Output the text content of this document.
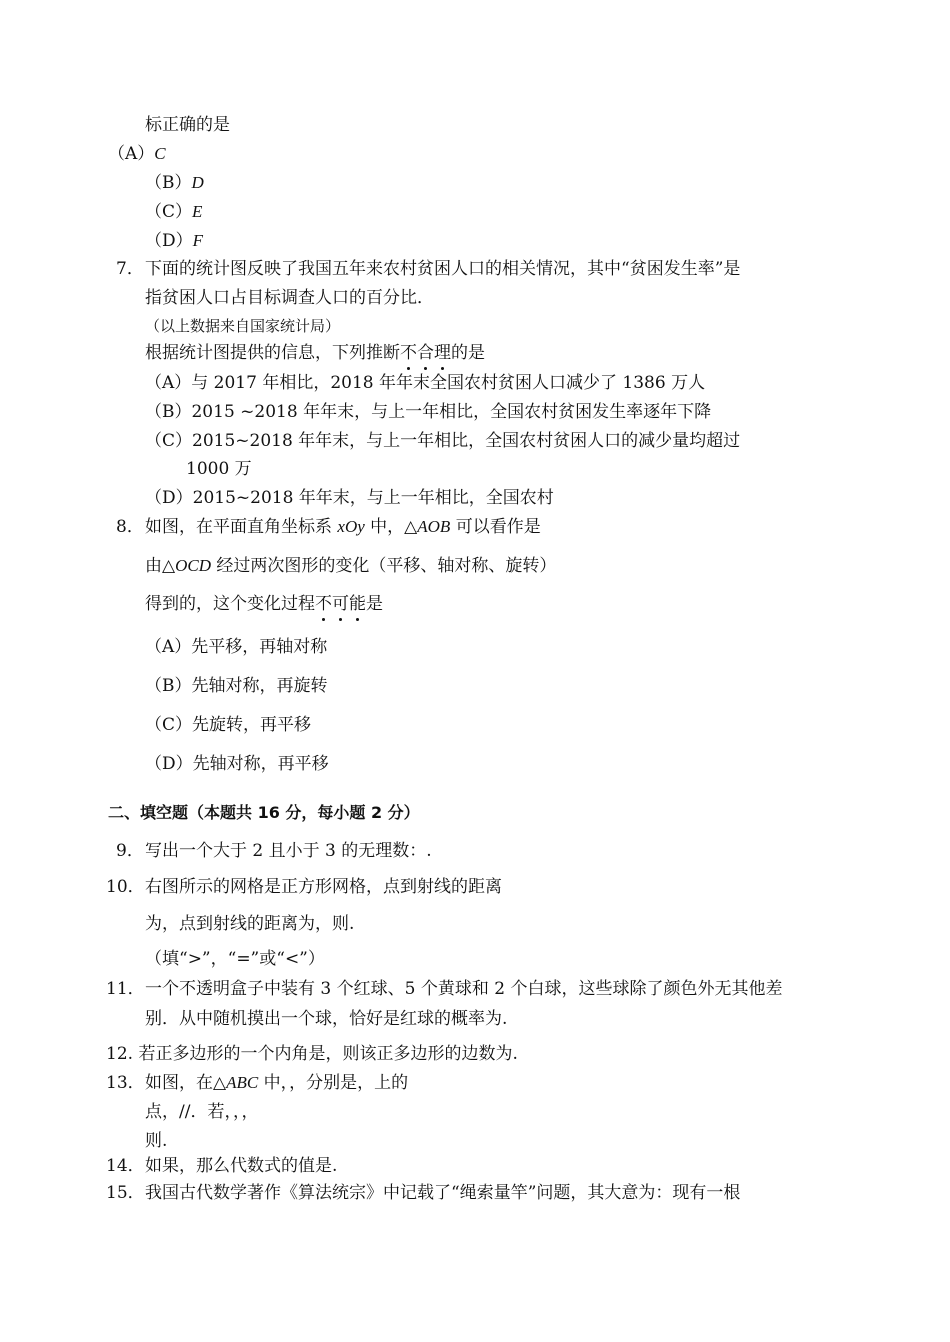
标正确的是
（A）C
（B）D
（C）E
（D）F
7． 下面的统计图反映了我国五年来农村贫困人口的相关情况，其中“贫困发生率”是
指贫困人口占目标调查人口的百分比．
（以上数据来自国家统计局）
根据统计图提供的信息，下列推断不合理的是
（A）与 2017 年相比，2018 年年末全国农村贫困人口减少了 1386 万人
（B）2015 ~2018 年年末，与上一年相比，全国农村贫困发生率逐年下降
（C）2015~2018 年年末，与上一年相比，全国农村贫困人口的减少量均超过
1000 万
（D）2015~2018 年年末，与上一年相比，全国农村
8． 如图，在平面直角坐标系 xOy 中，△AOB 可以看作是
由△OCD 经过两次图形的变化（平移、轴对称、旋转）
得到的，这个变化过程不可能是
（A）先平移，再轴对称
（B）先轴对称，再旋转
（C）先旋转，再平移
（D）先轴对称，再平移
二、填空题（本题共 16 分，每小题 2 分）
9． 写出一个大于 2 且小于 3 的无理数：.
10． 右图所示的网格是正方形网格，点到射线的距离
为，点到射线的距离为，则.
（填“>”，“=”或“<”）
11． 一个不透明盒子中装有 3 个红球、5 个黄球和 2 个白球，这些球除了颜色外无其他差
别．从中随机摸出一个球，恰好是红球的概率为.
12. 若正多边形的一个内角是，则该正多边形的边数为.
13． 如图，在△ABC 中，，分别是，上的
点，//．若，，，
则.
14． 如果，那么代数式的值是.
15． 我国古代数学著作《算法统宗》中记载了“绳索量竿”问题，其大意为：现有一根
